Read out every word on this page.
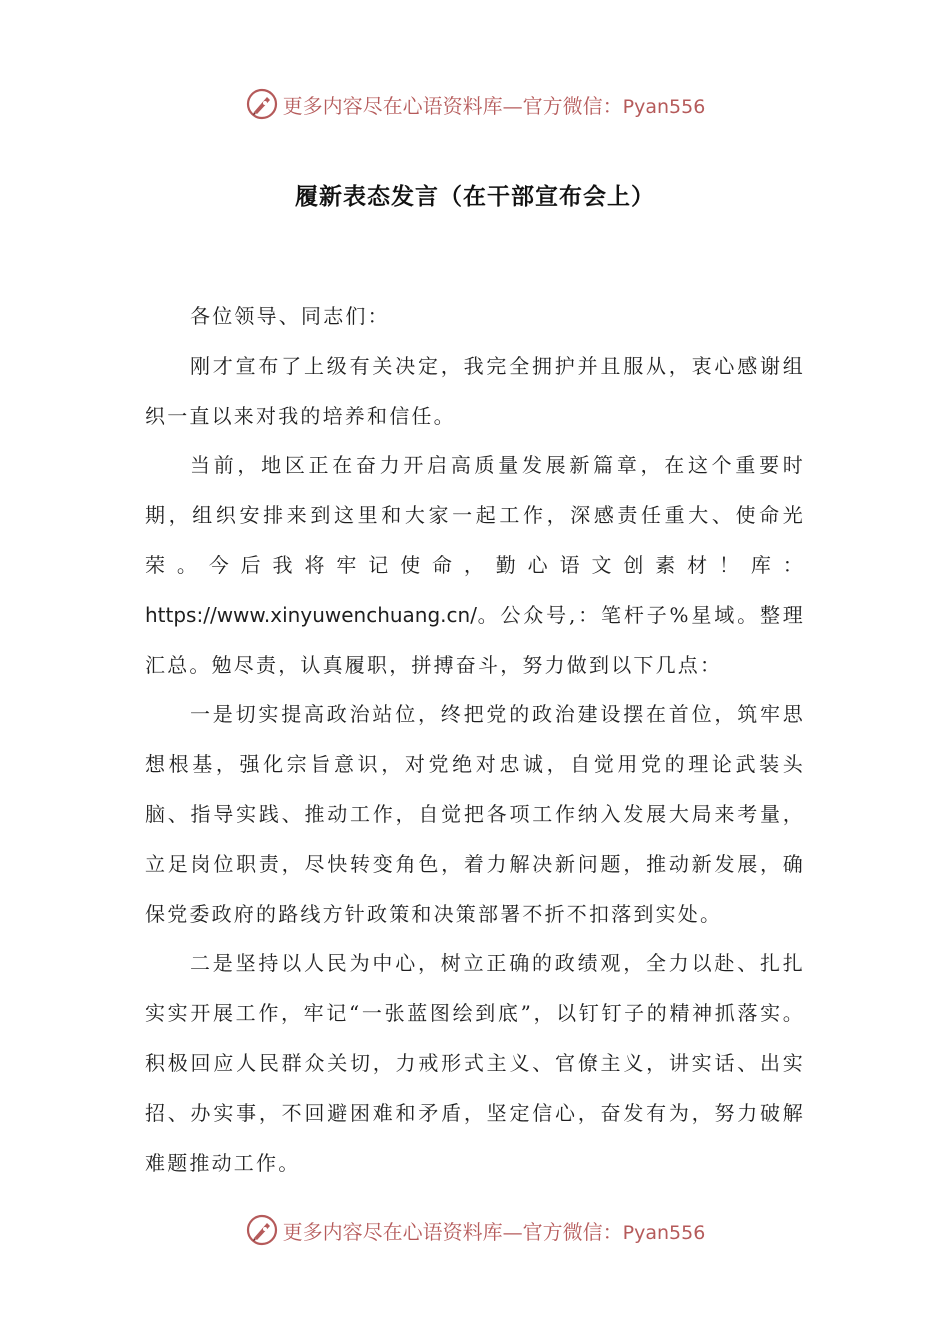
更多内容尽在心语资料库—官方微信：Pyan556
履新表态发言（在干部宣布会上）

各位领导、同志们：

刚才宣布了上级有关决定，我完全拥护并且服从，衷心感谢组织一直以来对我的培养和信任。

当前，地区正在奋力开启高质量发展新篇章，在这个重要时期，组织安排来到这里和大家一起工作，深感责任重大、使命光荣。今后我将牢记使命，勤心语文创素材！库：https://www.xinyuwenchuang.cn/。公众号,：笔杆子%星域。整理汇总。勉尽责，认真履职，拼搏奋斗，努力做到以下几点：

一是切实提高政治站位，终把党的政治建设摆在首位，筑牢思想根基，强化宗旨意识，对党绝对忠诚，自觉用党的理论武装头脑、指导实践、推动工作，自觉把各项工作纳入发展大局来考量，立足岗位职责，尽快转变角色，着力解决新问题，推动新发展，确保党委政府的路线方针政策和决策部署不折不扣落到实处。

二是坚持以人民为中心，树立正确的政绩观，全力以赴、扎扎实实开展工作，牢记“一张蓝图绘到底”，以钉钉子的精神抓落实。积极回应人民群众关切，力戒形式主义、官僚主义，讲实话、出实招、办实事，不回避困难和矛盾，坚定信心，奋发有为，努力破解难题推动工作。

更多内容尽在心语资料库—官方微信：Pyan556
